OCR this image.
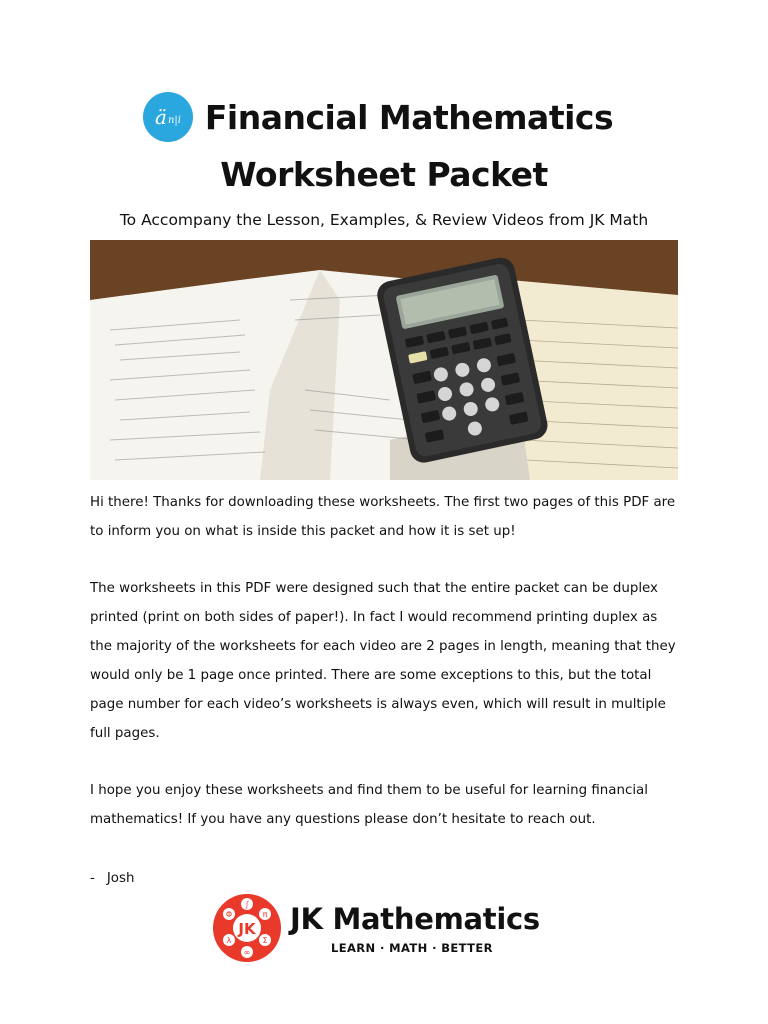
ä n|i Financial Mathematics
Worksheet Packet
To Accompany the Lesson, Examples, & Review Videos from JK Math

Hi there! Thanks for downloading these worksheets. The first two pages of this PDF are to inform you on what is inside this packet and how it is set up!

The worksheets in this PDF were designed such that the entire packet can be duplex printed (print on both sides of paper!). In fact I would recommend printing duplex as the majority of the worksheets for each video are 2 pages in length, meaning that they would only be 1 page once printed. There are some exceptions to this, but the total page number for each video’s worksheets is always even, which will result in multiple full pages.

I hope you enjoy these worksheets and find them to be useful for learning financial mathematics! If you have any questions please don’t hesitate to reach out.

- Josh
JK
Φ
∫
π
Σ
∞
λ
JK Mathematics
LEARN · MATH · BETTER
